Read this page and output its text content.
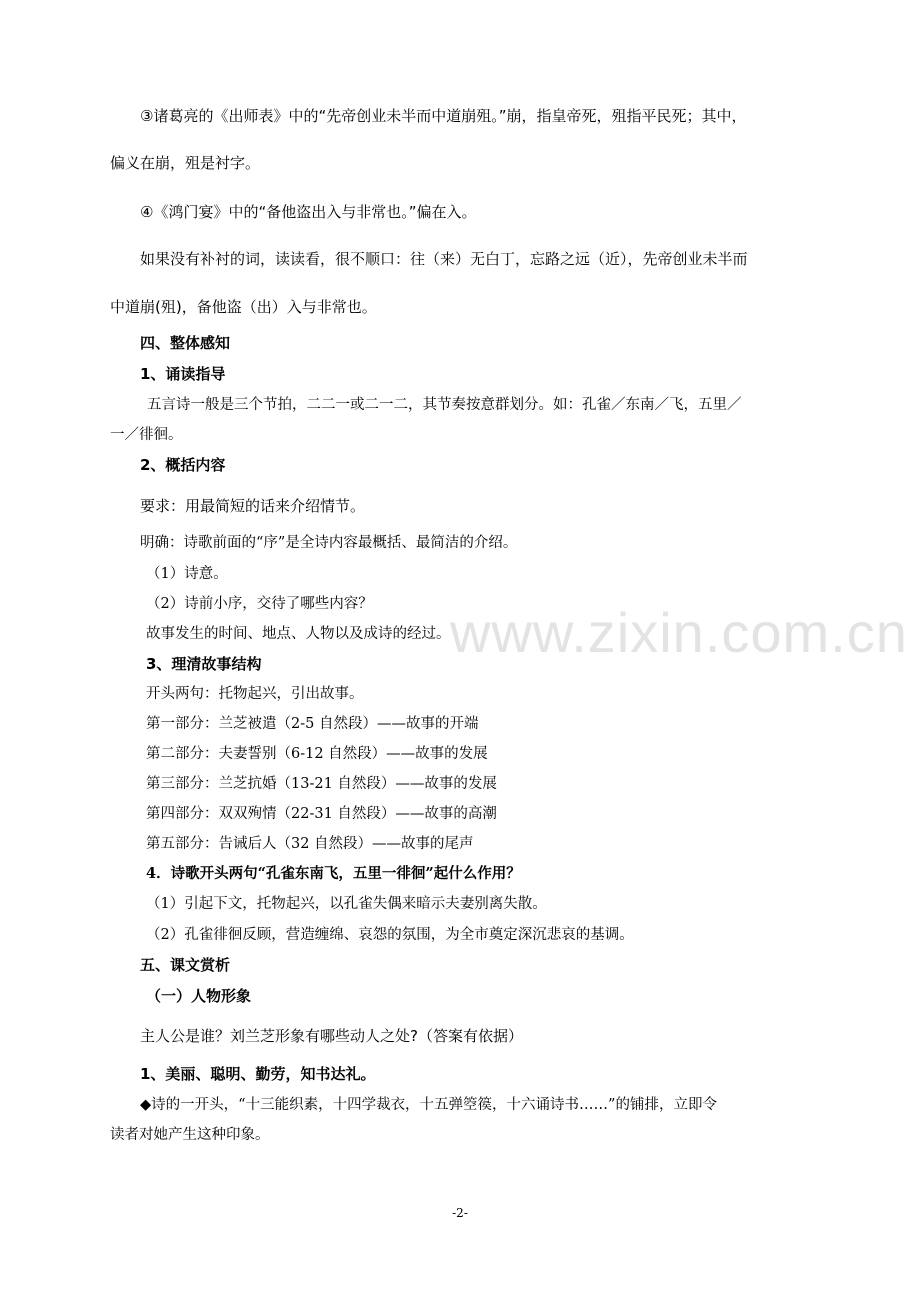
www.zixin.com.cn
③诸葛亮的《出师表》中的“先帝创业未半而中道崩殂。”崩，指皇帝死，殂指平民死；其中，
偏义在崩，殂是衬字。
④《鸿门宴》中的“备他盗出入与非常也。”偏在入。
如果没有补衬的词，读读看，很不顺口：往（来）无白丁，忘路之远（近），先帝创业未半而
中道崩(殂)，备他盗（出）入与非常也。
四、整体感知
1、诵读指导
五言诗一般是三个节拍，二二一或二一二，其节奏按意群划分。如：孔雀／东南／飞，五里／
一／徘徊。
2、概括内容
要求：用最简短的话来介绍情节。
明确：诗歌前面的“序”是全诗内容最概括、最简洁的介绍。
（1）诗意。
（2）诗前小序，交待了哪些内容？
故事发生的时间、地点、人物以及成诗的经过。
3、理清故事结构
开头两句：托物起兴，引出故事。
第一部分：兰芝被遣（2-5 自然段）——故事的开端
第二部分：夫妻誓别（6-12 自然段）——故事的发展
第三部分：兰芝抗婚（13-21 自然段）——故事的发展
第四部分：双双殉情（22-31 自然段）——故事的高潮
第五部分：告诫后人（32 自然段）——故事的尾声
4．诗歌开头两句“孔雀东南飞，五里一徘徊”起什么作用？
（1）引起下文，托物起兴，以孔雀失偶来暗示夫妻别离失散。
（2）孔雀徘徊反顾，营造缠绵、哀怨的氛围，为全市奠定深沉悲哀的基调。
五、课文赏析
（一）人物形象
主人公是谁？刘兰芝形象有哪些动人之处?（答案有依据）
1、美丽、聪明、勤劳，知书达礼。
◆诗的一开头，“十三能织素，十四学裁衣，十五弹箜篌，十六诵诗书……”的铺排，立即令
读者对她产生这种印象。
-2-
